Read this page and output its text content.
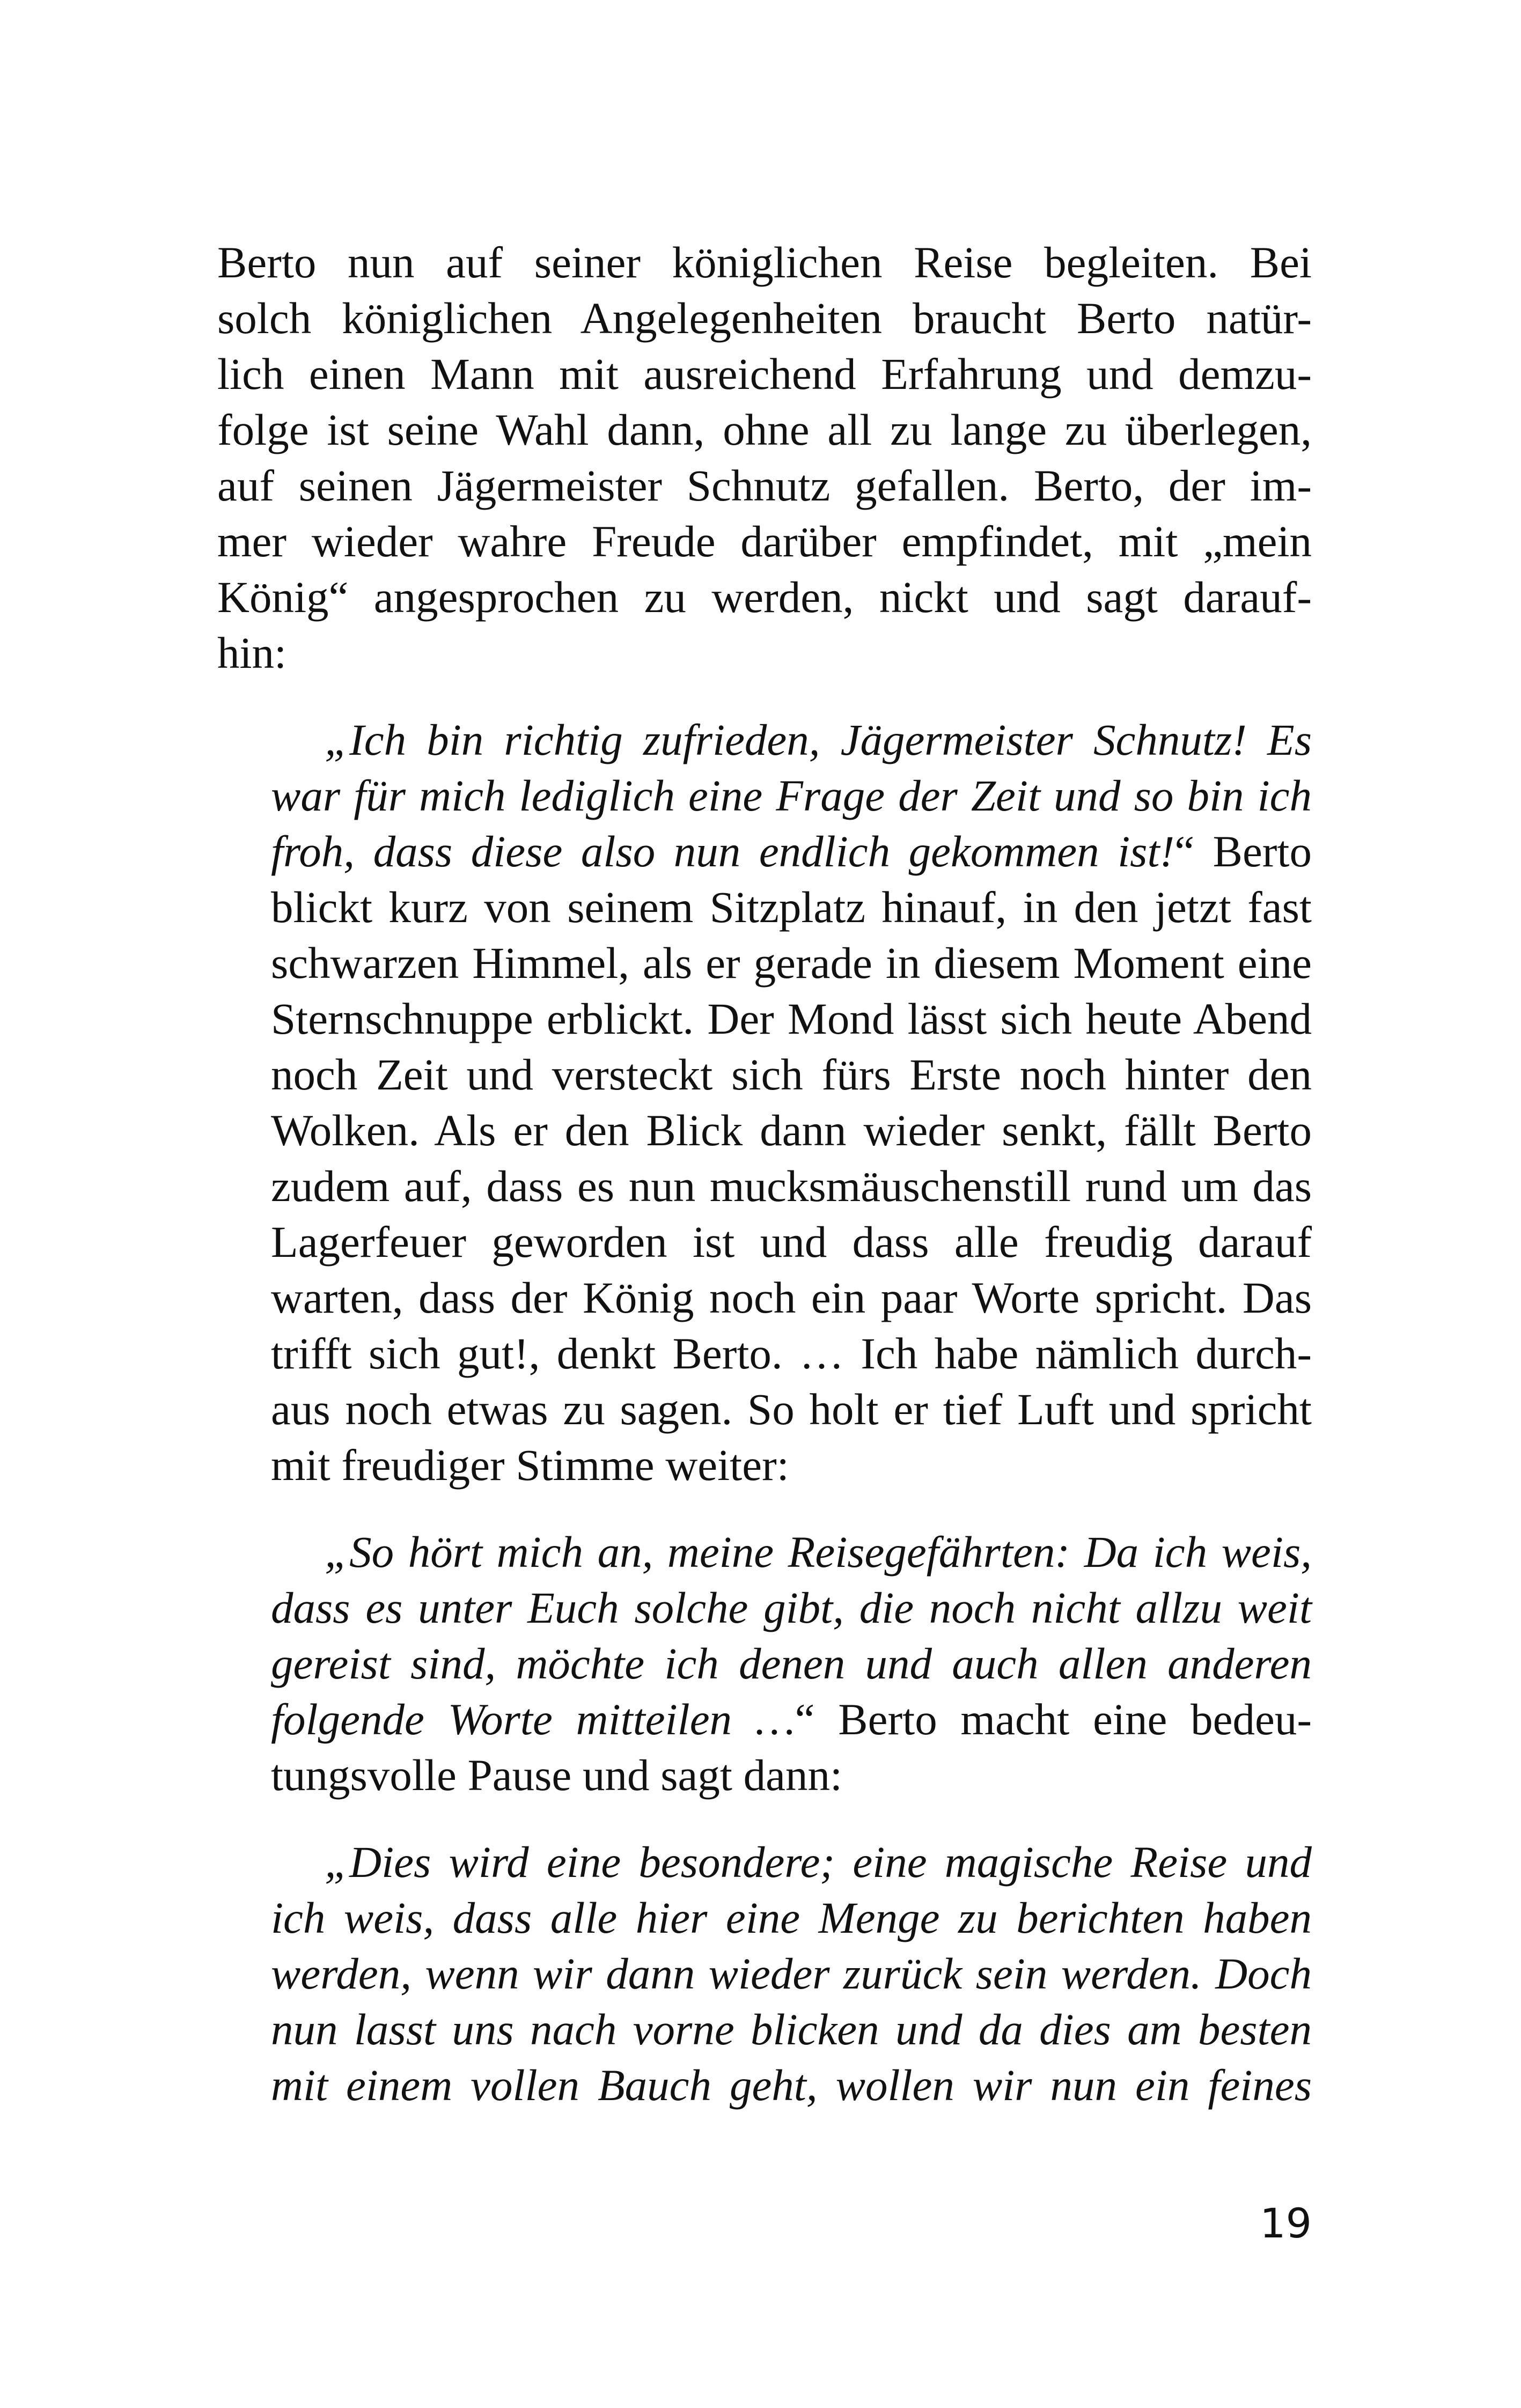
Berto nun auf seiner königlichen Reise begleiten. Bei
solch königlichen Angelegenheiten braucht Berto natür-
lich einen Mann mit ausreichend Erfahrung und demzu-
folge ist seine Wahl dann, ohne all zu lange zu überlegen,
auf seinen Jägermeister Schnutz gefallen. Berto, der im-
mer wieder wahre Freude darüber empfindet, mit „mein
König“ angesprochen zu werden, nickt und sagt darauf-
hin:
„Ich bin richtig zufrieden, Jägermeister Schnutz! Es
war für mich lediglich eine Frage der Zeit und so bin ich
froh, dass diese also nun endlich gekommen ist!“ Berto
blickt kurz von seinem Sitzplatz hinauf, in den jetzt fast
schwarzen Himmel, als er gerade in diesem Moment eine
Sternschnuppe erblickt. Der Mond lässt sich heute Abend
noch Zeit und versteckt sich fürs Erste noch hinter den
Wolken. Als er den Blick dann wieder senkt, fällt Berto
zudem auf, dass es nun mucksmäuschenstill rund um das
Lagerfeuer geworden ist und dass alle freudig darauf
warten, dass der König noch ein paar Worte spricht. Das
trifft sich gut!, denkt Berto. … Ich habe nämlich durch-
aus noch etwas zu sagen. So holt er tief Luft und spricht
mit freudiger Stimme weiter:
„So hört mich an, meine Reisegefährten: Da ich weis,
dass es unter Euch solche gibt, die noch nicht allzu weit
gereist sind, möchte ich denen und auch allen anderen
folgende Worte mitteilen …“ Berto macht eine bedeu-
tungsvolle Pause und sagt dann:
„Dies wird eine besondere; eine magische Reise und
ich weis, dass alle hier eine Menge zu berichten haben
werden, wenn wir dann wieder zurück sein werden. Doch
nun lasst uns nach vorne blicken und da dies am besten
mit einem vollen Bauch geht, wollen wir nun ein feines
19
